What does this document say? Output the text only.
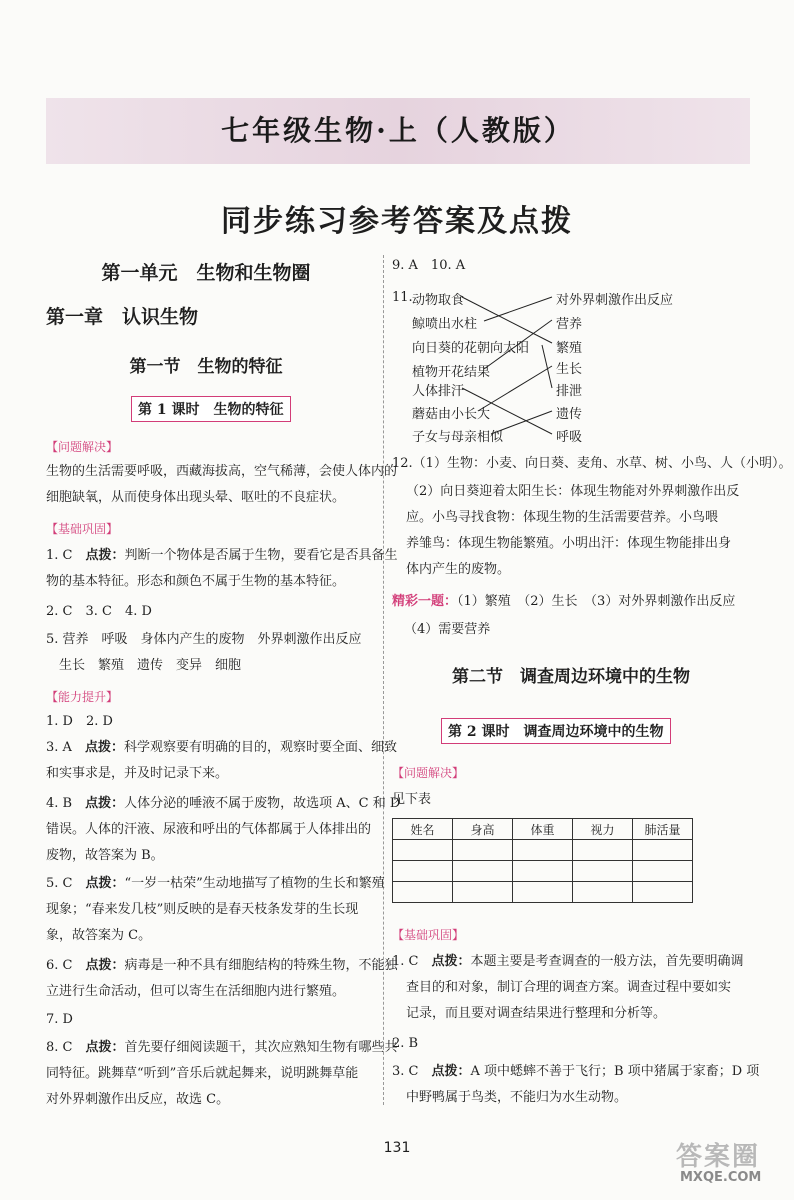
七年级生物·上（人教版）
同步练习参考答案及点拨
第一单元　生物和生物圈
第一章　认识生物
第一节　生物的特征
第 1 课时　生物的特征
【问题解决】
生物的生活需要呼吸，西藏海拔高，空气稀薄，会使人体内的
细胞缺氧，从而使身体出现头晕、呕吐的不良症状。
【基础巩固】
1. C　点拨：判断一个物体是否属于生物，要看它是否具备生
物的基本特征。形态和颜色不属于生物的基本特征。
2. C　3. C　4. D
5. 营养　呼吸　身体内产生的废物　外界刺激作出反应
　生长　繁殖　遗传　变异　细胞
【能力提升】
1. D　2. D
3. A　点拨：科学观察要有明确的目的，观察时要全面、细致
和实事求是，并及时记录下来。
4. B　点拨：人体分泌的唾液不属于废物，故选项 A、C 和 D
错误。人体的汗液、尿液和呼出的气体都属于人体排出的
废物，故答案为 B。
5. C　点拨：“一岁一枯荣”生动地描写了植物的生长和繁殖
现象；“春来发几枝”则反映的是春天枝条发芽的生长现
象，故答案为 C。
6. C　点拨：病毒是一种不具有细胞结构的特殊生物，不能独
立进行生命活动，但可以寄生在活细胞内进行繁殖。
7. D
8. C　点拨：首先要仔细阅读题干，其次应熟知生物有哪些共
同特征。跳舞草“听到”音乐后就起舞来，说明跳舞草能
对外界刺激作出反应，故选 C。
9. A　10. A
11. 动物取食
鲸喷出水柱
向日葵的花朝向太阳
植物开花结果
人体排汗
蘑菇由小长大
子女与母亲相似
对外界刺激作出反应
营养
繁殖
生长
排泄
遗传
呼吸
12.（1）生物：小麦、向日葵、麦角、水草、树、小鸟、人（小明）。
（2）向日葵迎着太阳生长：体现生物能对外界刺激作出反
应。小鸟寻找食物：体现生物的生活需要营养。小鸟喂
养雏鸟：体现生物能繁殖。小明出汗：体现生物能排出身
体内产生的废物。
精彩一题：（1）繁殖　（2）生长　（3）对外界刺激作出反应
（4）需要营养
第二节　调查周边环境中的生物
第 2 课时　调查周边环境中的生物
【问题解决】
见下表
姓名	身高	体重	视力	肺活量

【基础巩固】
1. C　点拨：本题主要是考查调查的一般方法，首先要明确调
查目的和对象，制订合理的调查方案。调查过程中要如实
记录，而且要对调查结果进行整理和分析等。
2. B
3. C　点拨：A 项中蟋蟀不善于飞行；B 项中猪属于家畜；D 项
中野鸭属于鸟类，不能归为水生动物。
131	答案圈
MXQE.COM
